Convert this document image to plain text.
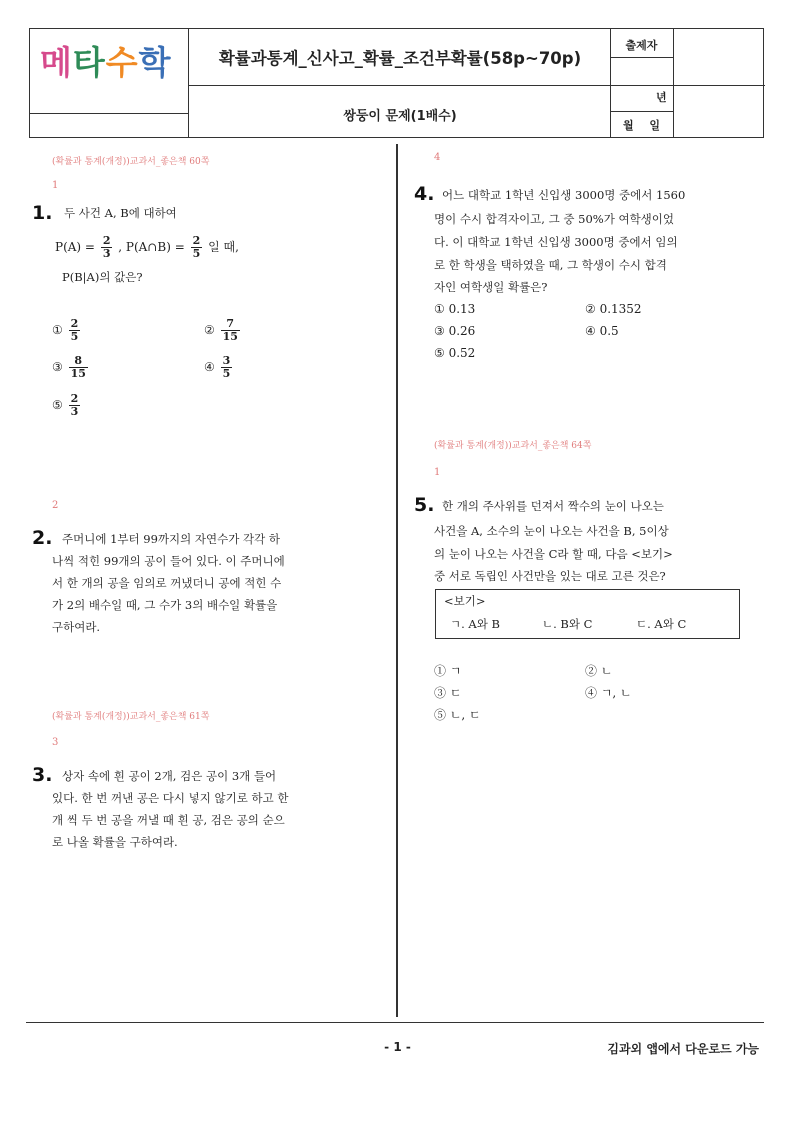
메타수학	확률과통계_신사고_확률_조건부확률(58p~70p)
쌍둥이 문제(1배수)
출제자
년
월 일
(확률과 통계(개정))교과서_좋은책 60쪽
1
1. 두 사건 A, B에 대하여
$P(A) = \frac{2}{3}$ , P(A∩B) = $\frac{2}{5}$ 일 때,
P(B|A)의 값은?
① $\frac{2}{5}$	② $\frac{7}{15}$
③ $\frac{8}{15}$	④ $\frac{3}{5}$
⑤ $\frac{2}{3}$
2
2. 주머니에 1부터 99까지의 자연수가 각각 하
나씩 적힌 99개의 공이 들어 있다. 이 주머니에
서 한 개의 공을 임의로 꺼냈더니 공에 적힌 수
가 2의 배수일 때, 그 수가 3의 배수일 확률을
구하여라.
(확률과 통계(개정))교과서_좋은책 61쪽
3
3. 상자 속에 흰 공이 2개, 검은 공이 3개 들어
있다. 한 번 꺼낸 공은 다시 넣지 않기로 하고 한
개 씩 두 번 공을 꺼낼 때 흰 공, 검은 공의 순으
로 나올 확률을 구하여라.
4
4. 어느 대학교 1학년 신입생 3000명 중에서 1560
명이 수시 합격자이고, 그 중 50%가 여학생이었
다. 이 대학교 1학년 신입생 3000명 중에서 임의
로 한 학생을 택하였을 때, 그 학생이 수시 합격
자인 여학생일 확률은?
① 0.13	② 0.1352
③ 0.26	④ 0.5
⑤ 0.52
(확률과 통계(개정))교과서_좋은책 64쪽
1
5. 한 개의 주사위를 던져서 짝수의 눈이 나오는
사건을 A, 소수의 눈이 나오는 사건을 B, 5이상
의 눈이 나오는 사건을 C라 할 때, 다음 <보기>
중 서로 독립인 사건만을 있는 대로 고른 것은?
<보기>
ㄱ. A와 B	ㄴ. B와 C	ㄷ. A와 C
① ㄱ	② ㄴ
③ ㄷ	④ ㄱ, ㄴ
⑤ ㄴ, ㄷ
- 1 -	김과외 앱에서 다운로드 가능
